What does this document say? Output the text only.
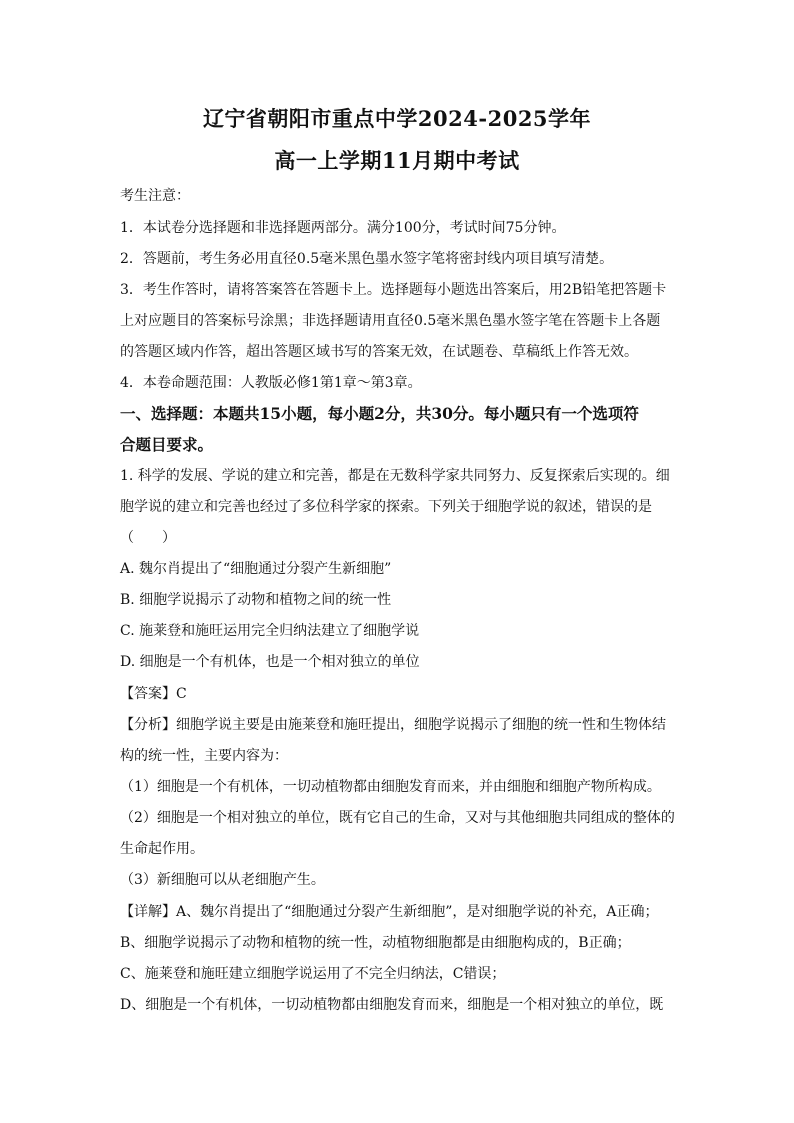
辽宁省朝阳市重点中学2024-2025学年
高一上学期11月期中考试
考生注意：
1．本试卷分选择题和非选择题两部分。满分100分，考试时间75分钟。
2．答题前，考生务必用直径0.5毫米黑色墨水签字笔将密封线内项目填写清楚。
3．考生作答时，请将答案答在答题卡上。选择题每小题选出答案后，用2B铅笔把答题卡
上对应题目的答案标号涂黑；非选择题请用直径0.5毫米黑色墨水签字笔在答题卡上各题
的答题区域内作答，超出答题区域书写的答案无效，在试题卷、草稿纸上作答无效。
4．本卷命题范围：人教版必修1第1章～第3章。
一、选择题：本题共15小题，每小题2分，共30分。每小题只有一个选项符
合题目要求。
1. 科学的发展、学说的建立和完善，都是在无数科学家共同努力、反复探索后实现的。细
胞学说的建立和完善也经过了多位科学家的探索。下列关于细胞学说的叙述，错误的是
（　　）
A. 魏尔肖提出了“细胞通过分裂产生新细胞”
B. 细胞学说揭示了动物和植物之间的统一性
C. 施莱登和施旺运用完全归纳法建立了细胞学说
D. 细胞是一个有机体，也是一个相对独立的单位
【答案】C
【分析】细胞学说主要是由施莱登和施旺提出，细胞学说揭示了细胞的统一性和生物体结
构的统一性，主要内容为：
（1）细胞是一个有机体，一切动植物都由细胞发育而来，并由细胞和细胞产物所构成。
（2）细胞是一个相对独立的单位，既有它自己的生命，又对与其他细胞共同组成的整体的
生命起作用。
（3）新细胞可以从老细胞产生。
【详解】A、魏尔肖提出了“细胞通过分裂产生新细胞”，是对细胞学说的补充，A正确；
B、细胞学说揭示了动物和植物的统一性，动植物细胞都是由细胞构成的，B正确；
C、施莱登和施旺建立细胞学说运用了不完全归纳法，C错误；
D、细胞是一个有机体，一切动植物都由细胞发育而来，细胞是一个相对独立的单位，既
